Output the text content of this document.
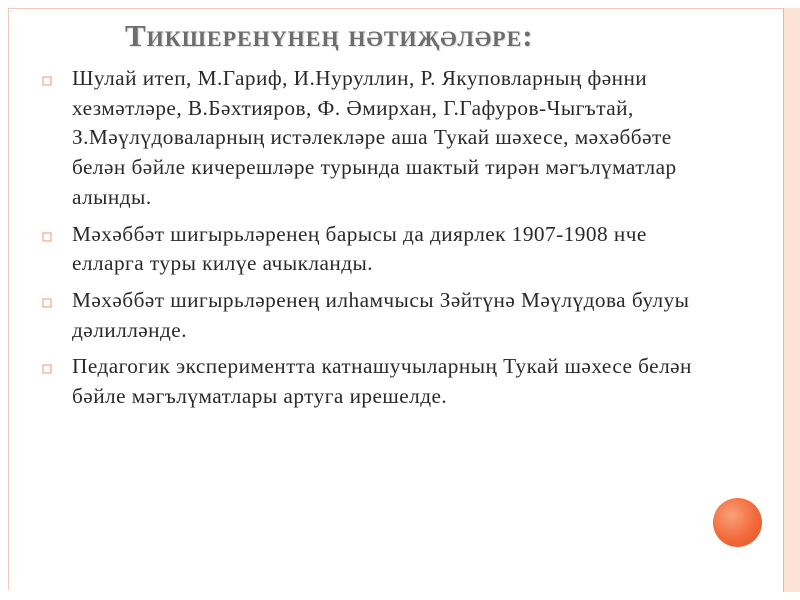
Тикшеренүнең нәтиҗәләре:
Шулай итеп, М.Гариф, И.Нуруллин, Р. Якуповларның фәнни хезмәтләре, В.Бәхтияров, Ф. Әмирхан, Г.Гафуров-Чыгътай, З.Мәүлүдоваларның истәлекләре аша Тукай шәхесе, мәхәббәте белән бәйле кичерешләре турында шактый тирән мәгълүматлар алынды.
Мәхәббәт шигырьләренең барысы да диярлек 1907-1908 нче елларга туры килүе ачыкланды.
Мәхәббәт шигырьләренең илһамчысы Зәйтүнә Мәүлүдова булуы дәлилләнде.
Педагогик экспериментта катнашучыларның Тукай шәхесе белән бәйле мәгълүматлары артуга ирешелде.
